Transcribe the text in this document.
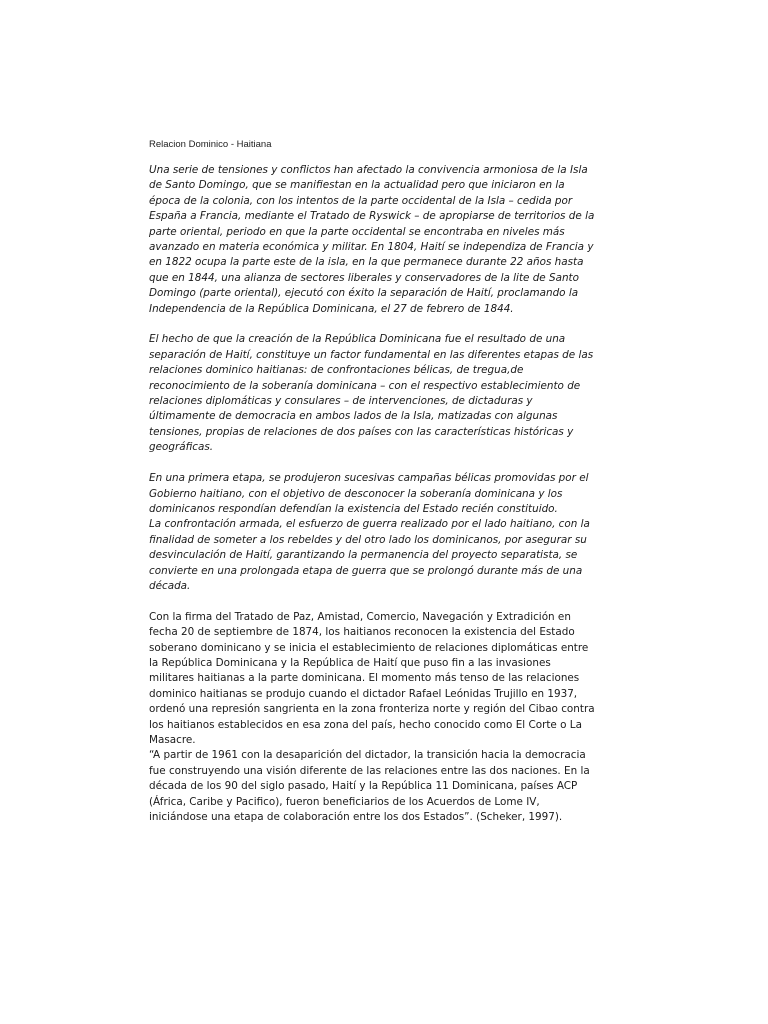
Relacion Dominico - Haitiana

Una serie de tensiones y conflictos han afectado la convivencia armoniosa de la Isla
de Santo Domingo, que se manifiestan en la actualidad pero que iniciaron en la
época de la colonia, con los intentos de la parte occidental de la Isla – cedida por
España a Francia, mediante el Tratado de Ryswick – de apropiarse de territorios de la
parte oriental, periodo en que la parte occidental se encontraba en niveles más
avanzado en materia económica y militar. En 1804, Haití se independiza de Francia y
en 1822 ocupa la parte este de la isla, en la que permanece durante 22 años hasta
que en 1844, una alianza de sectores liberales y conservadores de la lite de Santo
Domingo (parte oriental), ejecutó con éxito la separación de Haití, proclamando la
Independencia de la República Dominicana, el 27 de febrero de 1844.

El hecho de que la creación de la República Dominicana fue el resultado de una
separación de Haití, constituye un factor fundamental en las diferentes etapas de las
relaciones dominico haitianas: de confrontaciones bélicas, de tregua,de
reconocimiento de la soberanía dominicana – con el respectivo establecimiento de
relaciones diplomáticas y consulares – de intervenciones, de dictaduras y
últimamente de democracia en ambos lados de la Isla, matizadas con algunas
tensiones, propias de relaciones de dos países con las características históricas y
geográficas.

En una primera etapa, se produjeron sucesivas campañas bélicas promovidas por el
Gobierno haitiano, con el objetivo de desconocer la soberanía dominicana y los
dominicanos respondían defendían la existencia del Estado recién constituido.
La confrontación armada, el esfuerzo de guerra realizado por el lado haitiano, con la
finalidad de someter a los rebeldes y del otro lado los dominicanos, por asegurar su
desvinculación de Haití, garantizando la permanencia del proyecto separatista, se
convierte en una prolongada etapa de guerra que se prolongó durante más de una
década.

Con la firma del Tratado de Paz, Amistad, Comercio, Navegación y Extradición en
fecha 20 de septiembre de 1874, los haitianos reconocen la existencia del Estado
soberano dominicano y se inicia el establecimiento de relaciones diplomáticas entre
la República Dominicana y la República de Haití que puso fin a las invasiones
militares haitianas a la parte dominicana. El momento más tenso de las relaciones
dominico haitianas se produjo cuando el dictador Rafael Leónidas Trujillo en 1937,
ordenó una represión sangrienta en la zona fronteriza norte y región del Cibao contra
los haitianos establecidos en esa zona del país, hecho conocido como El Corte o La
Masacre.
“A partir de 1961 con la desaparición del dictador, la transición hacia la democracia
fue construyendo una visión diferente de las relaciones entre las dos naciones. En la
década de los 90 del siglo pasado, Haití y la República 11 Dominicana, países ACP
(África, Caribe y Pacifico), fueron beneficiarios de los Acuerdos de Lome IV,
iniciándose una etapa de colaboración entre los dos Estados”. (Scheker, 1997).
